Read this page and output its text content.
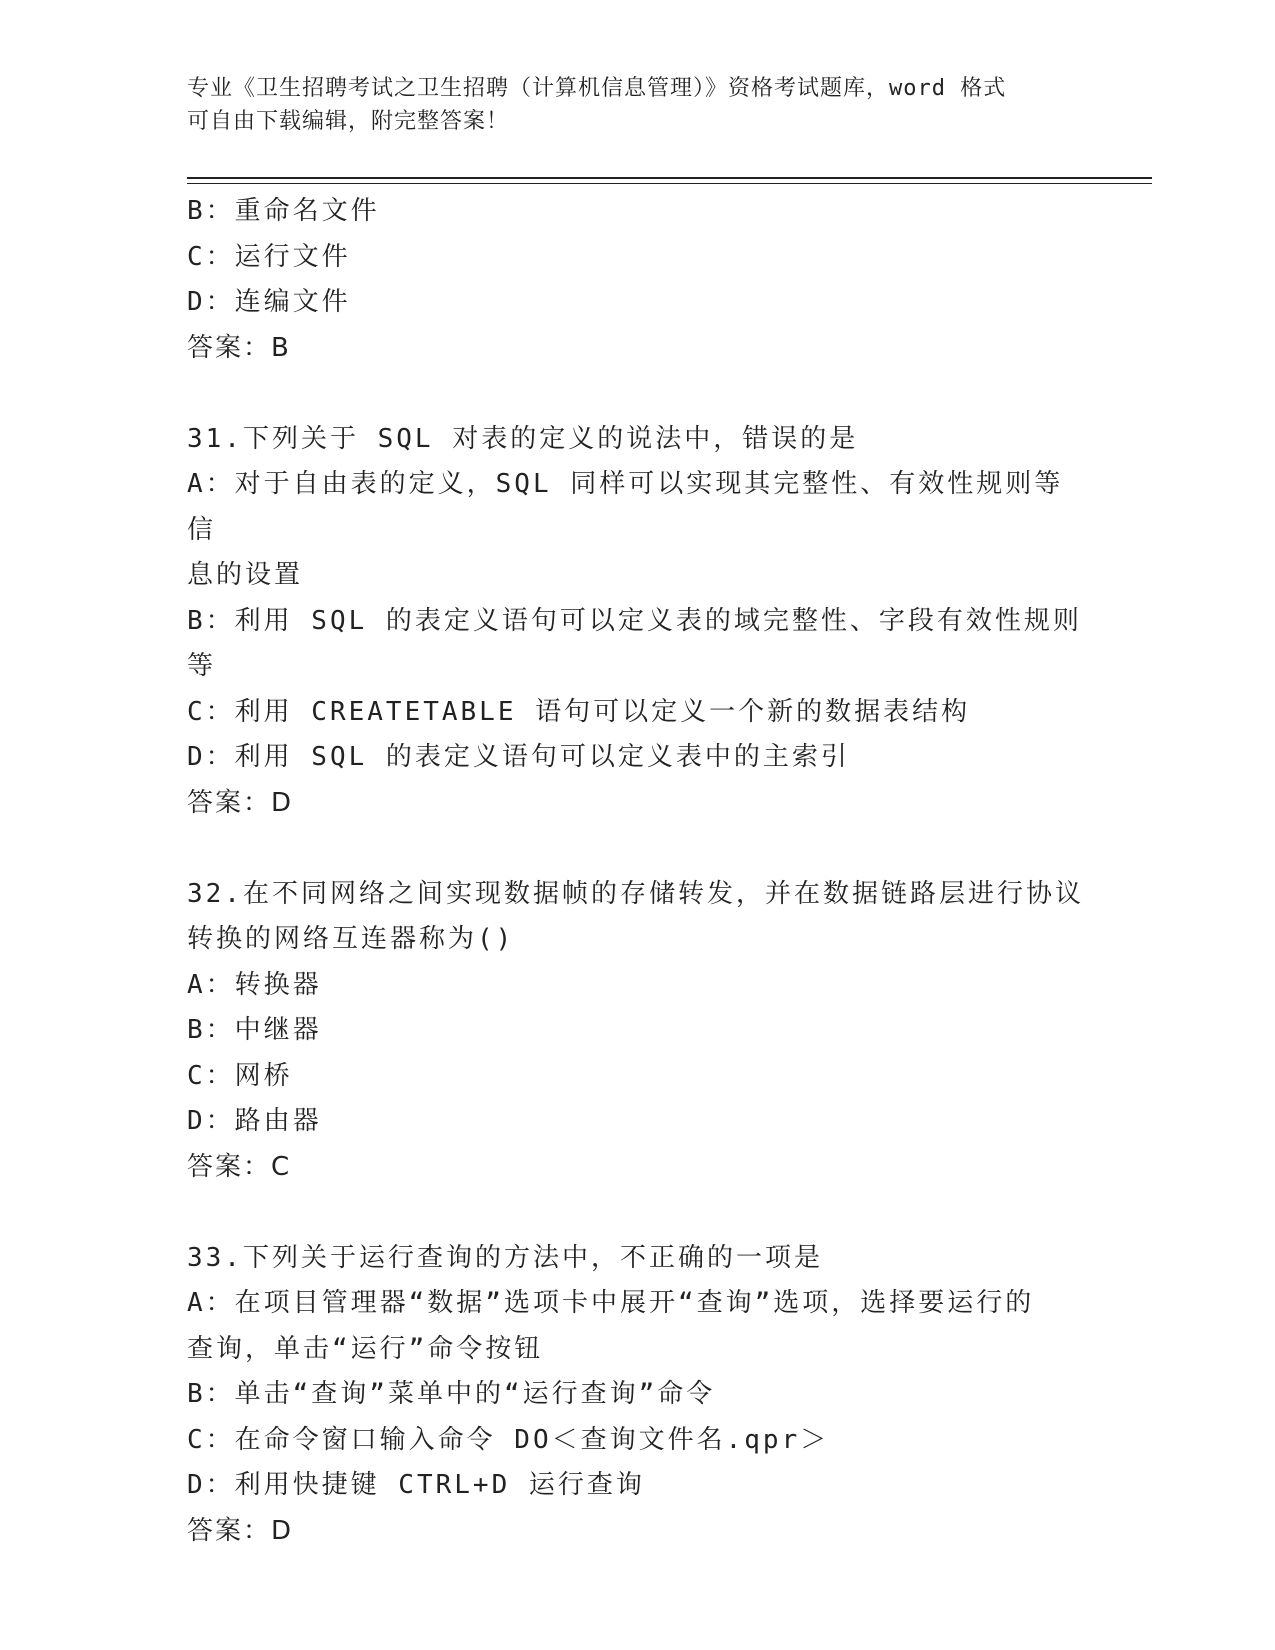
专业《卫生招聘考试之卫生招聘（计算机信息管理）》资格考试题库，word 格式
可自由下载编辑，附完整答案！

B：重命名文件

C：运行文件

D：连编文件

答案：B

31.下列关于 SQL 对表的定义的说法中，错误的是

A：对于自由表的定义，SQL 同样可以实现其完整性、有效性规则等信

息的设置

B：利用 SQL 的表定义语句可以定义表的域完整性、字段有效性规则等

C：利用 CREATETABLE 语句可以定义一个新的数据表结构

D：利用 SQL 的表定义语句可以定义表中的主索引

答案：D

32.在不同网络之间实现数据帧的存储转发，并在数据链路层进行协议

转换的网络互连器称为()

A：转换器

B：中继器

C：网桥

D：路由器

答案：C

33.下列关于运行查询的方法中，不正确的一项是

A：在项目管理器“数据”选项卡中展开“查询”选项，选择要运行的

查询，单击“运行”命令按钮

B：单击“查询”菜单中的“运行查询”命令

C：在命令窗口输入命令 DO＜查询文件名.qpr＞

D：利用快捷键 CTRL+D 运行查询

答案：D
